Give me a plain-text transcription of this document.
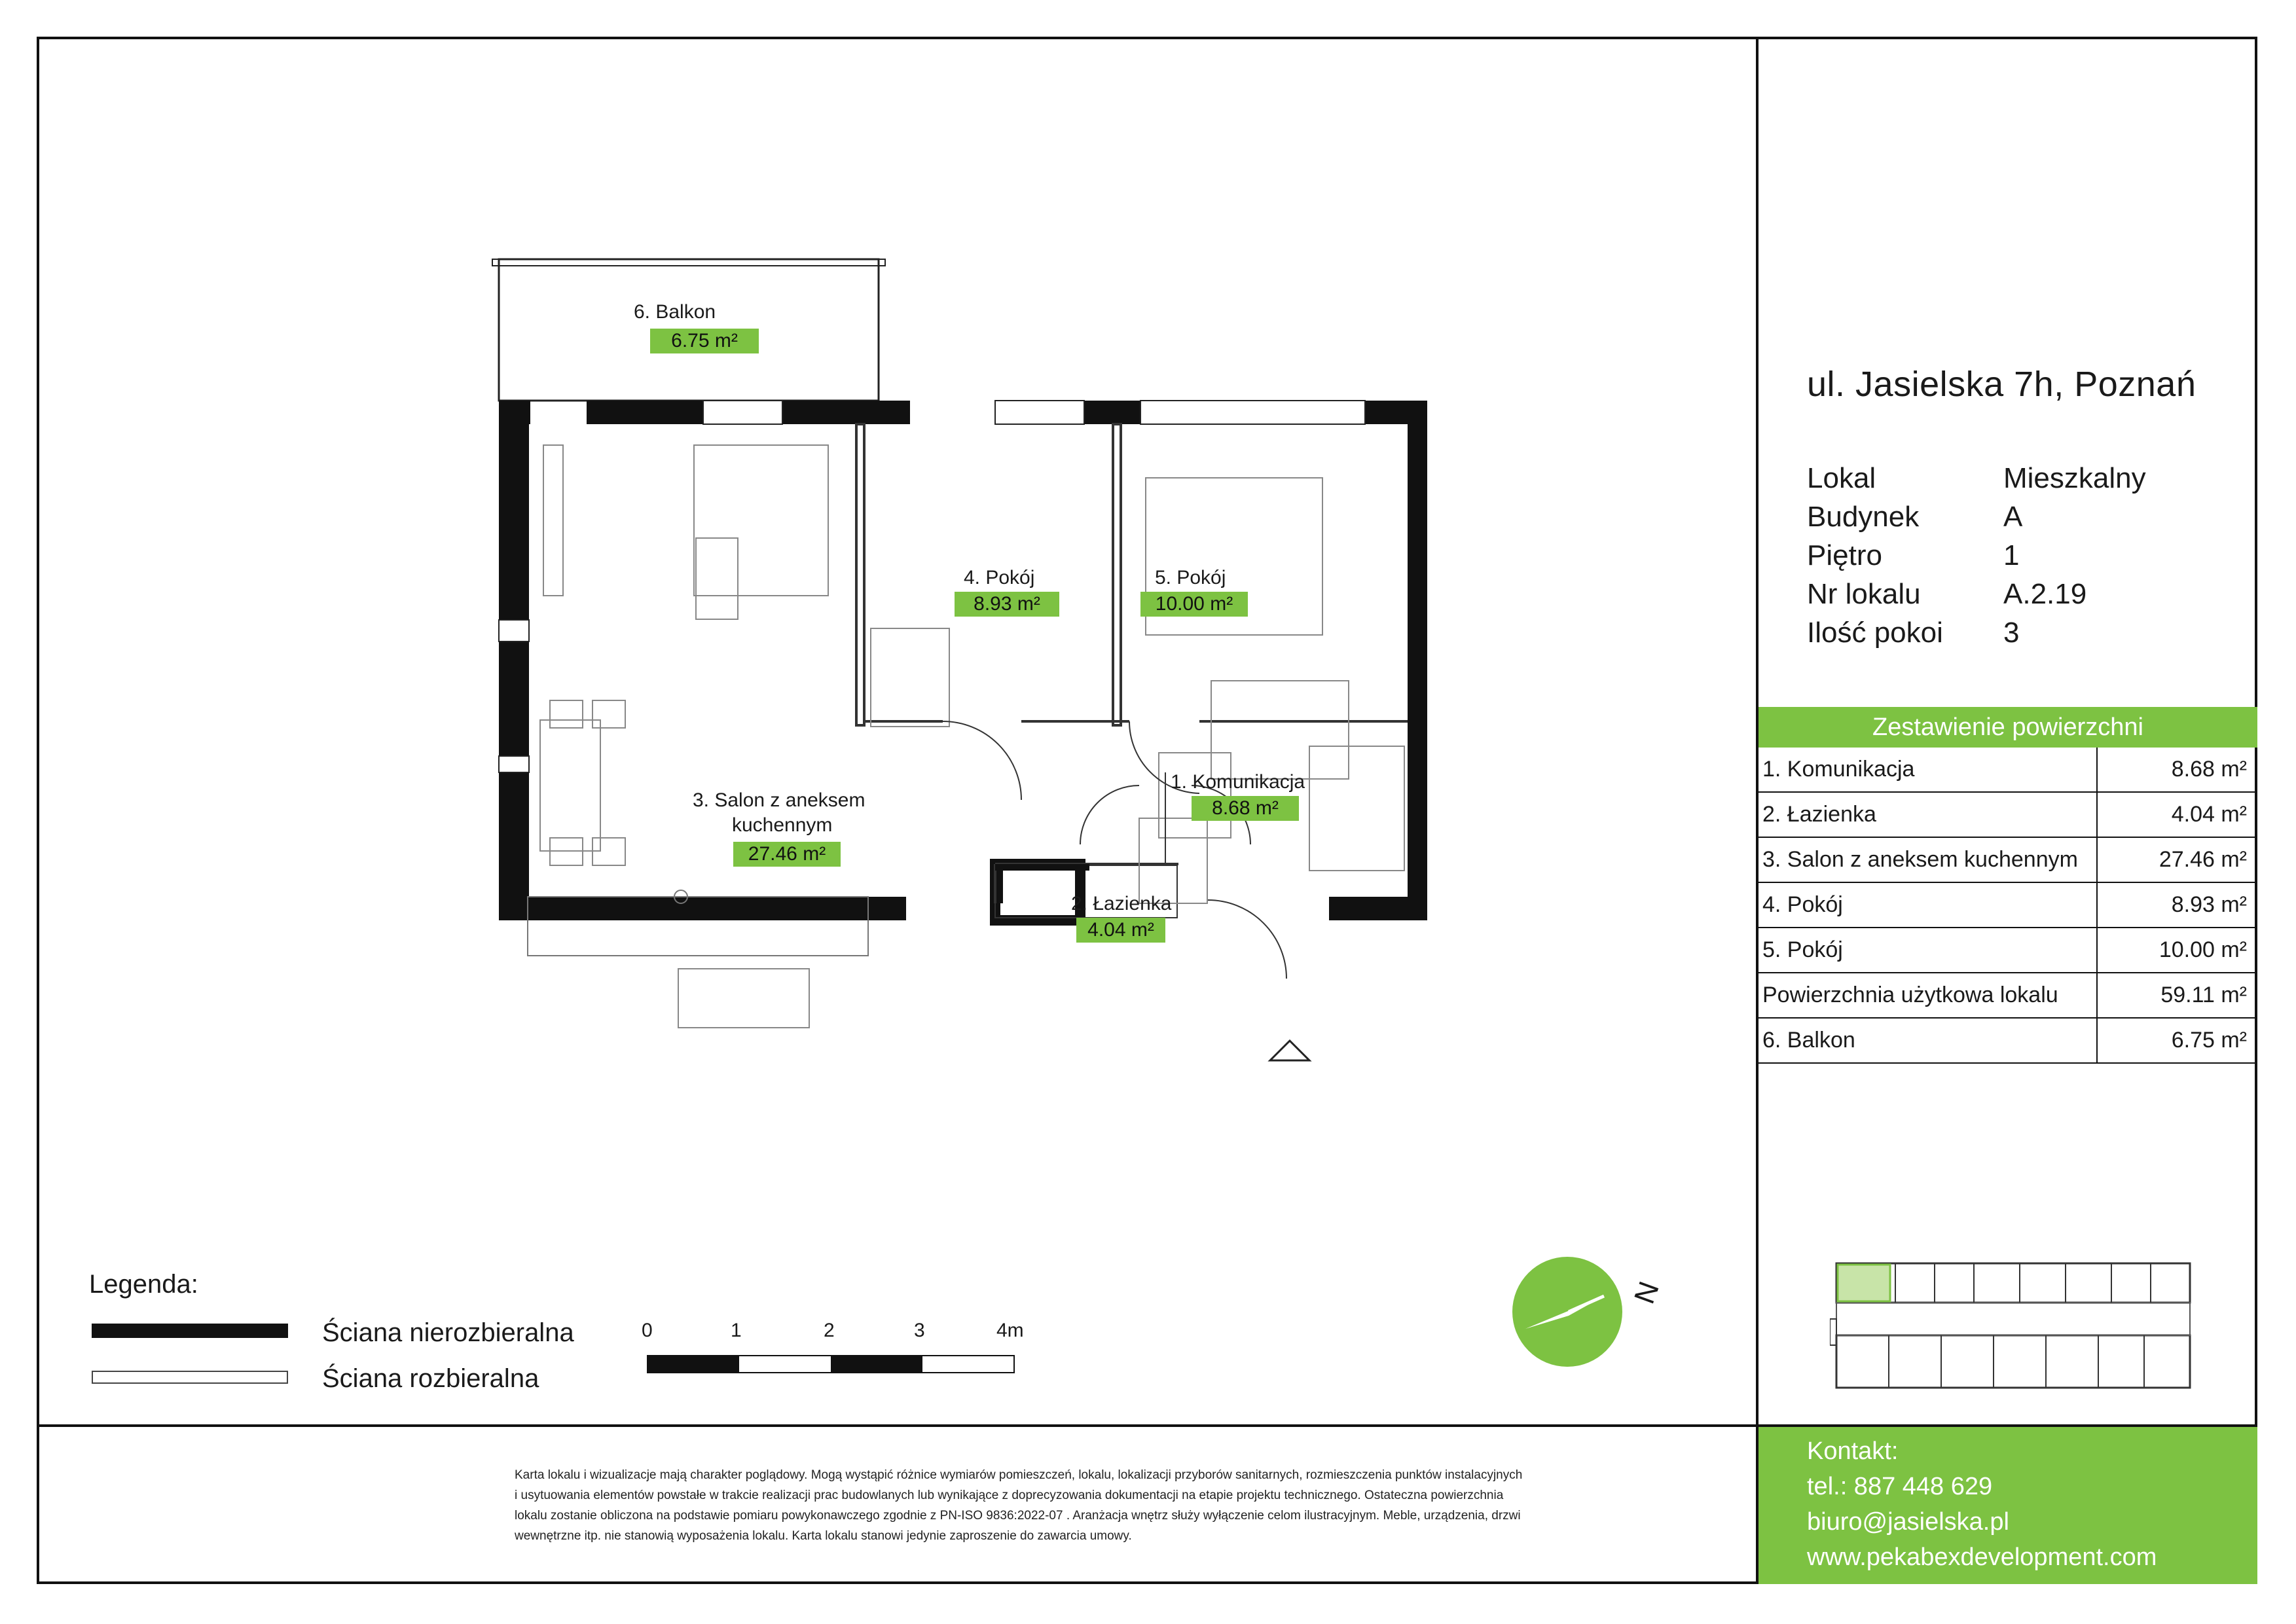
ul. Jasielska 7h, Poznań
Lokal	Mieszkalny
Budynek	A
Piętro	1
Nr lokalu	A.2.19
Ilość pokoi 3
Zestawienie powierzchni
1. Komunikacja	8.68 m²
2. Łazienka	4.04 m²
3. Salon z aneksem kuchennym	27.46 m²
4. Pokój	8.93 m²
5. Pokój	10.00 m²
Powierzchnia użytkowa lokalu	59.11 m²
6. Balkon	6.75 m²
6. Balkon
6.75 m²
4. Pokój
8.93 m²
5. Pokój
10.00 m²
1. Komunikacja
8.68 m²
3. Salon z aneksem
kuchennym
27.46 m²
2. Łazienka
4.04 m²
Legenda:
Ściana nierozbieralna
Ściana rozbieralna
0	1	2	3	4m
N
Karta lokalu i wizualizacje mają charakter poglądowy. Mogą wystąpić różnice wymiarów pomieszczeń, lokalu, lokalizacji przyborów sanitarnych, rozmieszczenia punktów instalacyjnych
i usytuowania elementów powstałe w trakcie realizacji prac budowlanych lub wynikające z doprecyzowania dokumentacji na etapie projektu technicznego. Ostateczna powierzchnia
lokalu zostanie obliczona na podstawie pomiaru powykonawczego zgodnie z PN-ISO 9836:2022-07 . Aranżacja wnętrz służy wyłączenie celom ilustracyjnym. Meble, urządzenia, drzwi
wewnętrzne itp. nie stanowią wyposażenia lokalu. Karta lokalu stanowi jedynie zaproszenie do zawarcia umowy.
Kontakt:
tel.: 887 448 629
biuro@jasielska.pl
www.pekabexdevelopment.com
